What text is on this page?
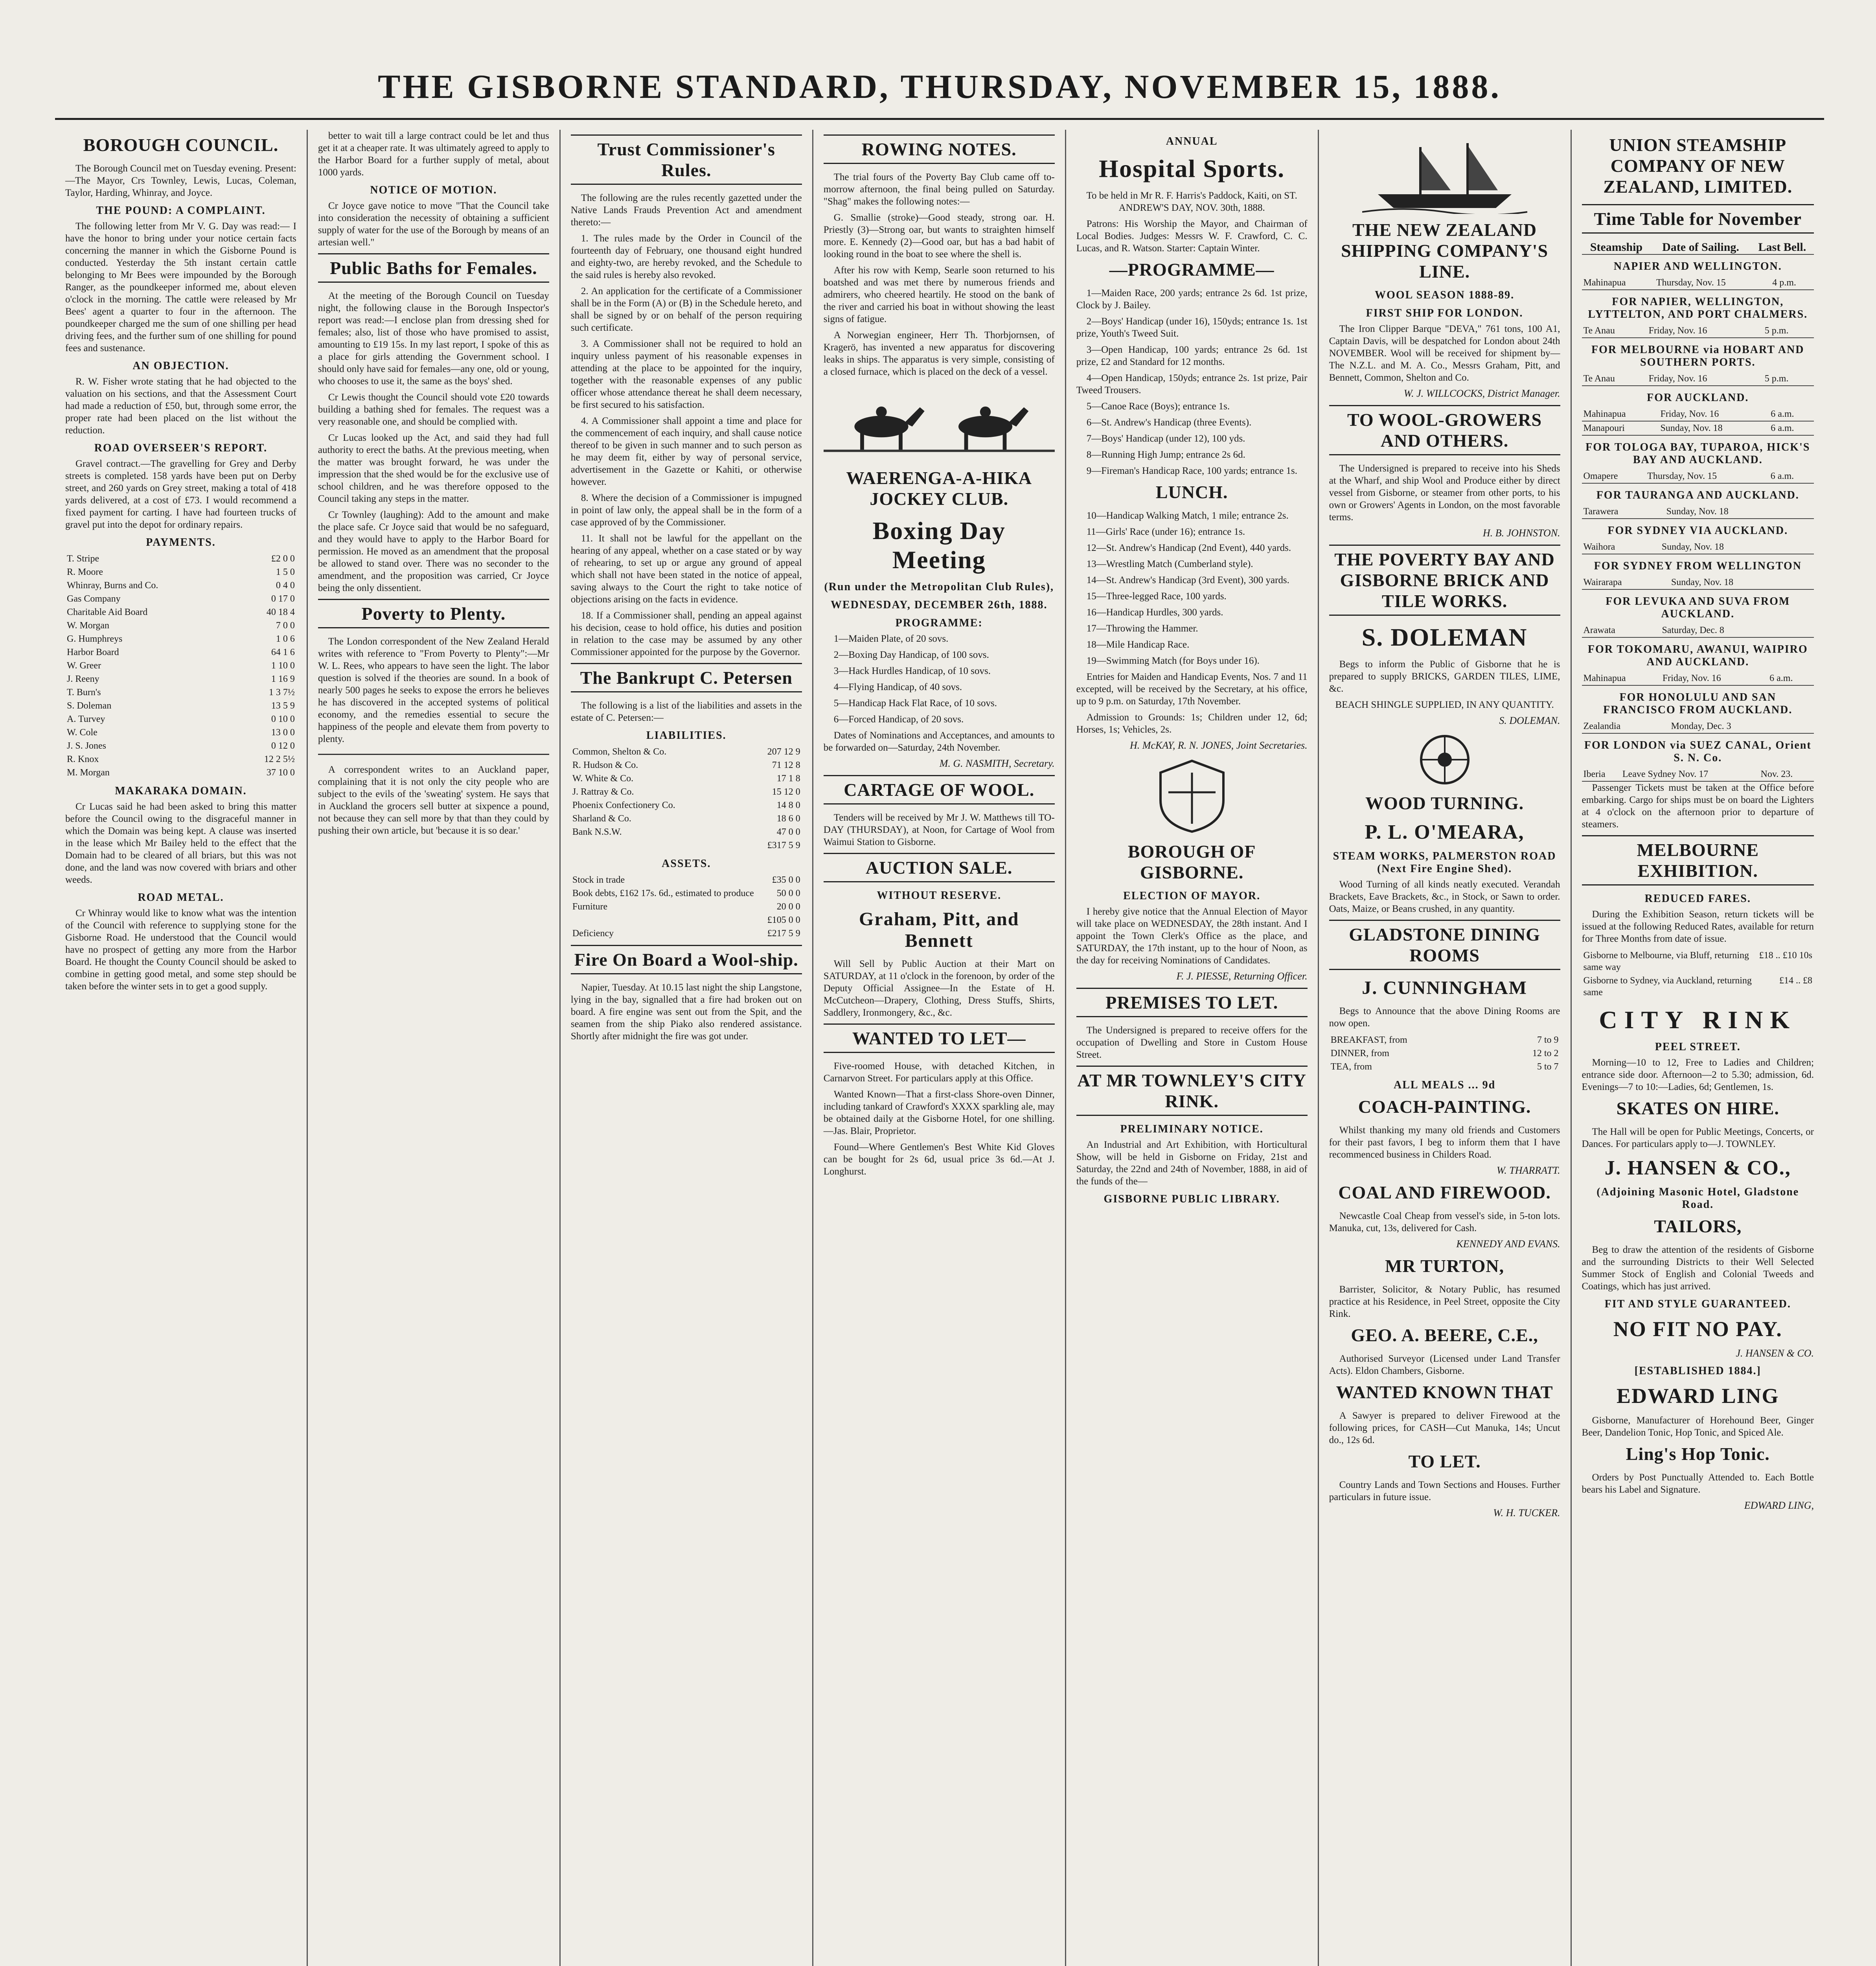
THE GISBORNE STANDARD, THURSDAY, NOVEMBER 15, 1888.
BOROUGH COUNCIL.

The Borough Council met on Tuesday evening. Present:—The Mayor, Crs Townley, Lewis, Lucas, Coleman, Taylor, Harding, Whinray, and Joyce.

THE POUND: A COMPLAINT.

The following letter from Mr V. G. Day was read:— I have the honor to bring under your notice certain facts concerning the manner in which the Gisborne Pound is conducted. Yesterday the 5th instant certain cattle belonging to Mr Bees were impounded by the Borough Ranger, as the poundkeeper informed me, about eleven o'clock in the morning. The cattle were released by Mr Bees' agent a quarter to four in the afternoon. The poundkeeper charged me the sum of one shilling per head driving fees, and the further sum of one shilling for pound fees and sustenance.

AN OBJECTION.

R. W. Fisher wrote stating that he had objected to the valuation on his sections, and that the Assessment Court had made a reduction of £50, but, through some error, the proper rate had been placed on the list without the reduction.

ROAD OVERSEER'S REPORT.

Gravel contract.—The gravelling for Grey and Derby streets is completed. 158 yards have been put on Derby street, and 260 yards on Grey street, making a total of 418 yards delivered, at a cost of £73. I would recommend a fixed payment for carting. I have had fourteen trucks of gravel put into the depot for ordinary repairs.

PAYMENTS.
T. Stripe	£2 0 0
R. Moore	1 5 0
Whinray, Burns and Co.	0 4 0
Gas Company	0 17 0
Charitable Aid Board	40 18 4
W. Morgan	7 0 0
G. Humphreys	1 0 6
Harbor Board	64 1 6
W. Greer	1 10 0
J. Reeny	1 16 9
T. Burn's	1 3 7½
S. Doleman	13 5 9
A. Turvey	0 10 0
W. Cole	13 0 0
J. S. Jones	0 12 0
R. Knox	12 2 5½
M. Morgan	37 10 0
MAKARAKA DOMAIN.

Cr Lucas said he had been asked to bring this matter before the Council owing to the disgraceful manner in which the Domain was being kept. A clause was inserted in the lease which Mr Bailey held to the effect that the Domain had to be cleared of all briars, but this was not done, and the land was now covered with briars and other weeds.

ROAD METAL.

Cr Whinray would like to know what was the intention of the Council with reference to supplying stone for the Gisborne Road. He understood that the Council would have no prospect of getting any more from the Harbor Board. He thought the County Council should be asked to combine in getting good metal, and some step should be taken before the winter sets in to get a good supply.

better to wait till a large contract could be let and thus get it at a cheaper rate. It was ultimately agreed to apply to the Harbor Board for a further supply of metal, about 1000 yards.

NOTICE OF MOTION.

Cr Joyce gave notice to move "That the Council take into consideration the necessity of obtaining a sufficient supply of water for the use of the Borough by means of an artesian well."

Public Baths for Females.

At the meeting of the Borough Council on Tuesday night, the following clause in the Borough Inspector's report was read:—I enclose plan from dressing shed for females; also, list of those who have promised to assist, amounting to £19 15s. In my last report, I spoke of this as a place for girls attending the Government school. I should only have said for females—any one, old or young, who chooses to use it, the same as the boys' shed.

Cr Lewis thought the Council should vote £20 towards building a bathing shed for females. The request was a very reasonable one, and should be complied with.

Cr Lucas looked up the Act, and said they had full authority to erect the baths. At the previous meeting, when the matter was brought forward, he was under the impression that the shed would be for the exclusive use of school children, and he was therefore opposed to the Council taking any steps in the matter.

Cr Townley (laughing): Add to the amount and make the place safe. Cr Joyce said that would be no safeguard, and they would have to apply to the Harbor Board for permission. He moved as an amendment that the proposal be allowed to stand over. There was no seconder to the amendment, and the proposition was carried, Cr Joyce being the only dissentient.

Poverty to Plenty.

The London correspondent of the New Zealand Herald writes with reference to "From Poverty to Plenty":—Mr W. L. Rees, who appears to have seen the light. The labor question is solved if the theories are sound. In a book of nearly 500 pages he seeks to expose the errors he believes he has discovered in the accepted systems of political economy, and the remedies essential to secure the happiness of the people and elevate them from poverty to plenty.

A correspondent writes to an Auckland paper, complaining that it is not only the city people who are subject to the evils of the 'sweating' system. He says that in Auckland the grocers sell butter at sixpence a pound, not because they can sell more by that than they could by pushing their own article, but 'because it is so dear.'

Trust Commissioner's Rules.

The following are the rules recently gazetted under the Native Lands Frauds Prevention Act and amendment thereto:—

1. The rules made by the Order in Council of the fourteenth day of February, one thousand eight hundred and eighty-two, are hereby revoked, and the Schedule to the said rules is hereby also revoked.

2. An application for the certificate of a Commissioner shall be in the Form (A) or (B) in the Schedule hereto, and shall be signed by or on behalf of the person requiring such certificate.

3. A Commissioner shall not be required to hold an inquiry unless payment of his reasonable expenses in attending at the place to be appointed for the inquiry, together with the reasonable expenses of any public officer whose attendance thereat he shall deem necessary, be first secured to his satisfaction.

4. A Commissioner shall appoint a time and place for the commencement of each inquiry, and shall cause notice thereof to be given in such manner and to such person as he may deem fit, either by way of personal service, advertisement in the Gazette or Kahiti, or otherwise however.

8. Where the decision of a Commissioner is impugned in point of law only, the appeal shall be in the form of a case approved of by the Commissioner.

11. It shall not be lawful for the appellant on the hearing of any appeal, whether on a case stated or by way of rehearing, to set up or argue any ground of appeal which shall not have been stated in the notice of appeal, saving always to the Court the right to take notice of objections arising on the facts in evidence.

18. If a Commissioner shall, pending an appeal against his decision, cease to hold office, his duties and position in relation to the case may be assumed by any other Commissioner appointed for the purpose by the Governor.

The Bankrupt C. Petersen

The following is a list of the liabilities and assets in the estate of C. Petersen:—

LIABILITIES.
Common, Shelton & Co.	207 12 9
R. Hudson & Co.	71 12 8
W. White & Co.	17 1 8
J. Rattray & Co.	15 12 0
Phoenix Confectionery Co.	14 8 0
Sharland & Co.	18 6 0
Bank N.S.W.	47 0 0
	£317 5 9
ASSETS.
Stock in trade	£35 0 0
Book debts, £162 17s. 6d., estimated to produce	50 0 0
Furniture	20 0 0
	£105 0 0
Deficiency	£217 5 9
Fire On Board a Wool-ship.

Napier, Tuesday. At 10.15 last night the ship Langstone, lying in the bay, signalled that a fire had broken out on board. A fire engine was sent out from the Spit, and the seamen from the ship Piako also rendered assistance. Shortly after midnight the fire was got under.

ROWING NOTES.

The trial fours of the Poverty Bay Club came off to-morrow afternoon, the final being pulled on Saturday. "Shag" makes the following notes:—

G. Smallie (stroke)—Good steady, strong oar. H. Priestly (3)—Strong oar, but wants to straighten himself more. E. Kennedy (2)—Good oar, but has a bad habit of looking round in the boat to see where the shell is.

After his row with Kemp, Searle soon returned to his boatshed and was met there by numerous friends and admirers, who cheered heartily. He stood on the bank of the river and carried his boat in without showing the least signs of fatigue.

A Norwegian engineer, Herr Th. Thorbjornsen, of Kragerö, has invented a new apparatus for discovering leaks in ships. The apparatus is very simple, consisting of a closed furnace, which is placed on the deck of a vessel.

WAERENGA-A-HIKA JOCKEY CLUB.
Boxing Day Meeting
(Run under the Metropolitan Club Rules),
WEDNESDAY, DECEMBER 26th, 1888.
PROGRAMME:

1—Maiden Plate, of 20 sovs.

2—Boxing Day Handicap, of 100 sovs.

3—Hack Hurdles Handicap, of 10 sovs.

4—Flying Handicap, of 40 sovs.

5—Handicap Hack Flat Race, of 10 sovs.

6—Forced Handicap, of 20 sovs.

Dates of Nominations and Acceptances, and amounts to be forwarded on—Saturday, 24th November.

M. G. NASMITH, Secretary.
CARTAGE OF WOOL.

Tenders will be received by Mr J. W. Matthews till TO-DAY (THURSDAY), at Noon, for Cartage of Wool from Waimui Station to Gisborne.

AUCTION SALE.
WITHOUT RESERVE.
Graham, Pitt, and Bennett

Will Sell by Public Auction at their Mart on SATURDAY, at 11 o'clock in the forenoon, by order of the Deputy Official Assignee—In the Estate of H. McCutcheon—Drapery, Clothing, Dress Stuffs, Shirts, Saddlery, Ironmongery, &c., &c.

WANTED TO LET—

Five-roomed House, with detached Kitchen, in Carnarvon Street. For particulars apply at this Office.

Wanted Known—That a first-class Shore-oven Dinner, including tankard of Crawford's XXXX sparkling ale, may be obtained daily at the Gisborne Hotel, for one shilling.—Jas. Blair, Proprietor.

Found—Where Gentlemen's Best White Kid Gloves can be bought for 2s 6d, usual price 3s 6d.—At J. Longhurst.

ANNUAL
Hospital Sports.

To be held in Mr R. F. Harris's Paddock, Kaiti, on ST. ANDREW'S DAY, NOV. 30th, 1888.

Patrons: His Worship the Mayor, and Chairman of Local Bodies. Judges: Messrs W. F. Crawford, C. C. Lucas, and R. Watson. Starter: Captain Winter.

—PROGRAMME—

1—Maiden Race, 200 yards; entrance 2s 6d. 1st prize, Clock by J. Bailey.

2—Boys' Handicap (under 16), 150yds; entrance 1s. 1st prize, Youth's Tweed Suit.

3—Open Handicap, 100 yards; entrance 2s 6d. 1st prize, £2 and Standard for 12 months.

4—Open Handicap, 150yds; entrance 2s. 1st prize, Pair Tweed Trousers.

5—Canoe Race (Boys); entrance 1s.

6—St. Andrew's Handicap (three Events).

7—Boys' Handicap (under 12), 100 yds.

8—Running High Jump; entrance 2s 6d.

9—Fireman's Handicap Race, 100 yards; entrance 1s.

LUNCH.

10—Handicap Walking Match, 1 mile; entrance 2s.

11—Girls' Race (under 16); entrance 1s.

12—St. Andrew's Handicap (2nd Event), 440 yards.

13—Wrestling Match (Cumberland style).

14—St. Andrew's Handicap (3rd Event), 300 yards.

15—Three-legged Race, 100 yards.

16—Handicap Hurdles, 300 yards.

17—Throwing the Hammer.

18—Mile Handicap Race.

19—Swimming Match (for Boys under 16).

Entries for Maiden and Handicap Events, Nos. 7 and 11 excepted, will be received by the Secretary, at his office, up to 9 p.m. on Saturday, 17th November.

Admission to Grounds: 1s; Children under 12, 6d; Horses, 1s; Vehicles, 2s.

H. McKAY, R. N. JONES, Joint Secretaries.
BOROUGH OF GISBORNE.
ELECTION OF MAYOR.

I hereby give notice that the Annual Election of Mayor will take place on WEDNESDAY, the 28th instant. And I appoint the Town Clerk's Office as the place, and SATURDAY, the 17th instant, up to the hour of Noon, as the day for receiving Nominations of Candidates.

F. J. PIESSE, Returning Officer.
PREMISES TO LET.

The Undersigned is prepared to receive offers for the occupation of Dwelling and Store in Custom House Street.

AT MR TOWNLEY'S CITY RINK.
PRELIMINARY NOTICE.

An Industrial and Art Exhibition, with Horticultural Show, will be held in Gisborne on Friday, 21st and Saturday, the 22nd and 24th of November, 1888, in aid of the funds of the—

GISBORNE PUBLIC LIBRARY.
THE NEW ZEALAND SHIPPING COMPANY'S LINE.
WOOL SEASON 1888-89.
FIRST SHIP FOR LONDON.

The Iron Clipper Barque "DEVA," 761 tons, 100 A1, Captain Davis, will be despatched for London about 24th NOVEMBER. Wool will be received for shipment by—The N.Z.L. and M. A. Co., Messrs Graham, Pitt, and Bennett, Common, Shelton and Co.

W. J. WILLCOCKS, District Manager.
TO WOOL-GROWERS AND OTHERS.

The Undersigned is prepared to receive into his Sheds at the Wharf, and ship Wool and Produce either by direct vessel from Gisborne, or steamer from other ports, to his own or Growers' Agents in London, on the most favorable terms.

H. B. JOHNSTON.
THE POVERTY BAY AND GISBORNE BRICK AND TILE WORKS.
S. DOLEMAN

Begs to inform the Public of Gisborne that he is prepared to supply BRICKS, GARDEN TILES, LIME, &c.

BEACH SHINGLE SUPPLIED, IN ANY QUANTITY.

S. DOLEMAN.
WOOD TURNING.
P. L. O'MEARA,
STEAM WORKS, PALMERSTON ROAD (Next Fire Engine Shed).

Wood Turning of all kinds neatly executed. Verandah Brackets, Eave Brackets, &c., in Stock, or Sawn to order. Oats, Maize, or Beans crushed, in any quantity.

GLADSTONE DINING ROOMS
J. CUNNINGHAM

Begs to Announce that the above Dining Rooms are now open.

BREAKFAST, from	7 to 9
DINNER, from	12 to 2
TEA, from	5 to 7
ALL MEALS ... 9d
COACH-PAINTING.

Whilst thanking my many old friends and Customers for their past favors, I beg to inform them that I have recommenced business in Childers Road.

W. THARRATT.
COAL AND FIREWOOD.

Newcastle Coal Cheap from vessel's side, in 5-ton lots. Manuka, cut, 13s, delivered for Cash.

KENNEDY AND EVANS.
MR TURTON,

Barrister, Solicitor, & Notary Public, has resumed practice at his Residence, in Peel Street, opposite the City Rink.

GEO. A. BEERE, C.E.,

Authorised Surveyor (Licensed under Land Transfer Acts). Eldon Chambers, Gisborne.

WANTED KNOWN THAT

A Sawyer is prepared to deliver Firewood at the following prices, for CASH—Cut Manuka, 14s; Uncut do., 12s 6d.

TO LET.

Country Lands and Town Sections and Houses. Further particulars in future issue.

W. H. TUCKER.
UNION STEAMSHIP COMPANY OF NEW ZEALAND, LIMITED.
Time Table for November
Steamship	Date of Sailing.	Last Bell.
NAPIER AND WELLINGTON.
Mahinapua	Thursday, Nov. 15	4 p.m.
FOR NAPIER, WELLINGTON, LYTTELTON, AND PORT CHALMERS.
Te Anau	Friday, Nov. 16	5 p.m.
FOR MELBOURNE via HOBART AND SOUTHERN PORTS.
Te Anau	Friday, Nov. 16	5 p.m.
FOR AUCKLAND.
Mahinapua	Friday, Nov. 16	6 a.m.
Manapouri	Sunday, Nov. 18	6 a.m.
FOR TOLOGA BAY, TUPAROA, HICK'S BAY AND AUCKLAND.
Omapere	Thursday, Nov. 15	6 a.m.
FOR TAURANGA AND AUCKLAND.
Tarawera	Sunday, Nov. 18	
FOR SYDNEY VIA AUCKLAND.
Waihora	Sunday, Nov. 18	
FOR SYDNEY FROM WELLINGTON
Wairarapa	Sunday, Nov. 18	
FOR LEVUKA AND SUVA FROM AUCKLAND.
Arawata	Saturday, Dec. 8	
FOR TOKOMARU, AWANUI, WAIPIRO AND AUCKLAND.
Mahinapua	Friday, Nov. 16	6 a.m.
FOR HONOLULU AND SAN FRANCISCO FROM AUCKLAND.
Zealandia	Monday, Dec. 3	
FOR LONDON via SUEZ CANAL, Orient S. N. Co.
Iberia	Leave Sydney Nov. 17	Nov. 23.

Passenger Tickets must be taken at the Office before embarking. Cargo for ships must be on board the Lighters at 4 o'clock on the afternoon prior to departure of steamers.

MELBOURNE EXHIBITION.
REDUCED FARES.

During the Exhibition Season, return tickets will be issued at the following Reduced Rates, available for return for Three Months from date of issue.

Gisborne to Melbourne, via Bluff, returning same way	£18 .. £10 10s
Gisborne to Sydney, via Auckland, returning same	£14 .. £8
CITY RINK
PEEL STREET.

Morning—10 to 12, Free to Ladies and Children; entrance side door. Afternoon—2 to 5.30; admission, 6d. Evenings—7 to 10:—Ladies, 6d; Gentlemen, 1s.

SKATES ON HIRE.

The Hall will be open for Public Meetings, Concerts, or Dances. For particulars apply to—J. TOWNLEY.

J. HANSEN & CO.,
(Adjoining Masonic Hotel, Gladstone Road.
TAILORS,

Beg to draw the attention of the residents of Gisborne and the surrounding Districts to their Well Selected Summer Stock of English and Colonial Tweeds and Coatings, which has just arrived.

FIT AND STYLE GUARANTEED.
NO FIT NO PAY.
J. HANSEN & CO.
[ESTABLISHED 1884.]
EDWARD LING

Gisborne, Manufacturer of Horehound Beer, Ginger Beer, Dandelion Tonic, Hop Tonic, and Spiced Ale.

Ling's Hop Tonic.

Orders by Post Punctually Attended to. Each Bottle bears his Label and Signature.

EDWARD LING,
